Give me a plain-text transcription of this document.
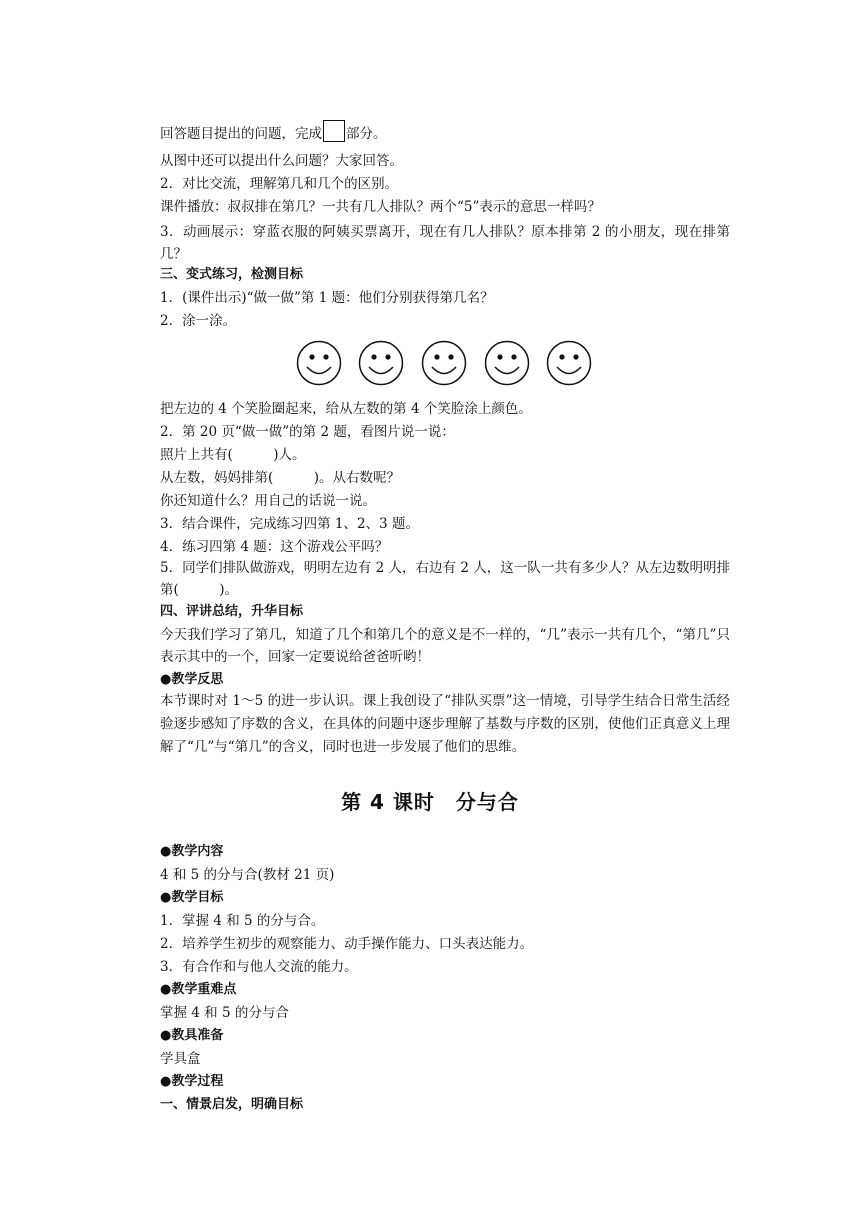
回答题目提出的问题，完成 部分。
从图中还可以提出什么问题？大家回答。
2．对比交流，理解第几和几个的区别。
课件播放：叔叔排在第几？一共有几人排队？两个“5”表示的意思一样吗？
3．动画展示：穿蓝衣服的阿姨买票离开，现在有几人排队？原本排第 2 的小朋友，现在排第几？
三、变式练习，检测目标
1．(课件出示)“做一做”第 1 题：他们分别获得第几名？
2．涂一涂。
把左边的 4 个笑脸圈起来，给从左数的第 4 个笑脸涂上颜色。
2．第 20 页“做一做”的第 2 题，看图片说一说：
照片上共有(　　　)人。
从左数，妈妈排第(　　　)。从右数呢？
你还知道什么？用自己的话说一说。
3．结合课件，完成练习四第 1、2、3 题。
4．练习四第 4 题：这个游戏公平吗？
5．同学们排队做游戏，明明左边有 2 人，右边有 2 人，这一队一共有多少人？从左边数明明排第(　　　)。
四、评讲总结，升华目标
今天我们学习了第几，知道了几个和第几个的意义是不一样的，“几”表示一共有几个，“第几”只表示其中的一个，回家一定要说给爸爸听哟！
●教学反思
本节课时对 1～5 的进一步认识。课上我创设了“排队买票”这一情境，引导学生结合日常生活经验逐步感知了序数的含义，在具体的问题中逐步理解了基数与序数的区别，使他们正真意义上理解了“几”与“第几”的含义，同时也进一步发展了他们的思维。
第 4 课时　分与合
●教学内容
4 和 5 的分与合(教材 21 页)
●教学目标
1．掌握 4 和 5 的分与合。
2．培养学生初步的观察能力、动手操作能力、口头表达能力。
3．有合作和与他人交流的能力。
●教学重难点
掌握 4 和 5 的分与合
●教具准备
学具盒
●教学过程
一、情景启发，明确目标
